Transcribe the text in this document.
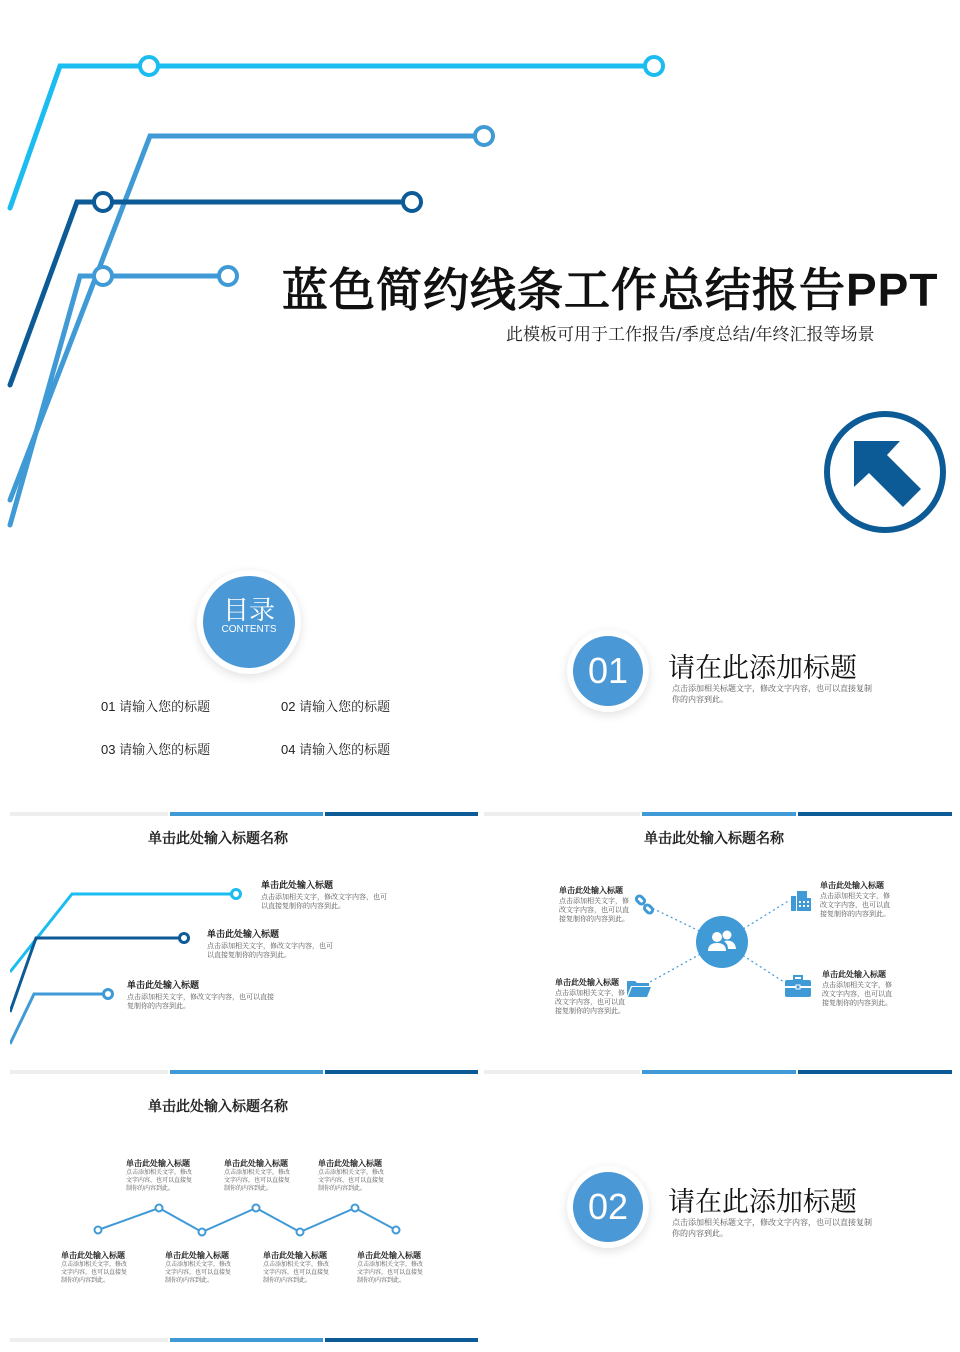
蓝色简约线条工作总结报告PPT
此模板可用于工作报告/季度总结/年终汇报等场景
目录
CONTENTS
01 请输入您的标题	02 请输入您的标题
03 请输入您的标题	04 请输入您的标题
01	请在此添加标题
点击添加相关标题文字，修改文字内容，也可以直接复制你的内容到此。
单击此处输入标题名称
单击此处输入标题
点击添加相关文字，修改文字内容，也可以直接复制你的内容到此。
单击此处输入标题
点击添加相关文字，修改文字内容，也可以直接复制你的内容到此。
单击此处输入标题
点击添加相关文字，修改文字内容，也可以直接复制你的内容到此。
单击此处输入标题名称
单击此处输入标题
点击添加相关文字，修改文字内容，也可以直接复制你的内容到此。
单击此处输入标题
点击添加相关文字，修改文字内容，也可以直接复制你的内容到此。
单击此处输入标题
点击添加相关文字，修改文字内容，也可以直接复制你的内容到此。
单击此处输入标题
点击添加相关文字，修改文字内容，也可以直接复制你的内容到此。
单击此处输入标题名称
单击此处输入标题
点击添加相关文字，修改文字内容，也可以直接复制你的内容到此。
单击此处输入标题
点击添加相关文字，修改文字内容，也可以直接复制你的内容到此。
单击此处输入标题
点击添加相关文字，修改文字内容，也可以直接复制你的内容到此。
单击此处输入标题
点击添加相关文字，修改文字内容，也可以直接复制你的内容到此。
单击此处输入标题
点击添加相关文字，修改文字内容，也可以直接复制你的内容到此。
单击此处输入标题
点击添加相关文字，修改文字内容，也可以直接复制你的内容到此。
单击此处输入标题
点击添加相关文字，修改文字内容，也可以直接复制你的内容到此。
02	请在此添加标题
点击添加相关标题文字，修改文字内容，也可以直接复制你的内容到此。
